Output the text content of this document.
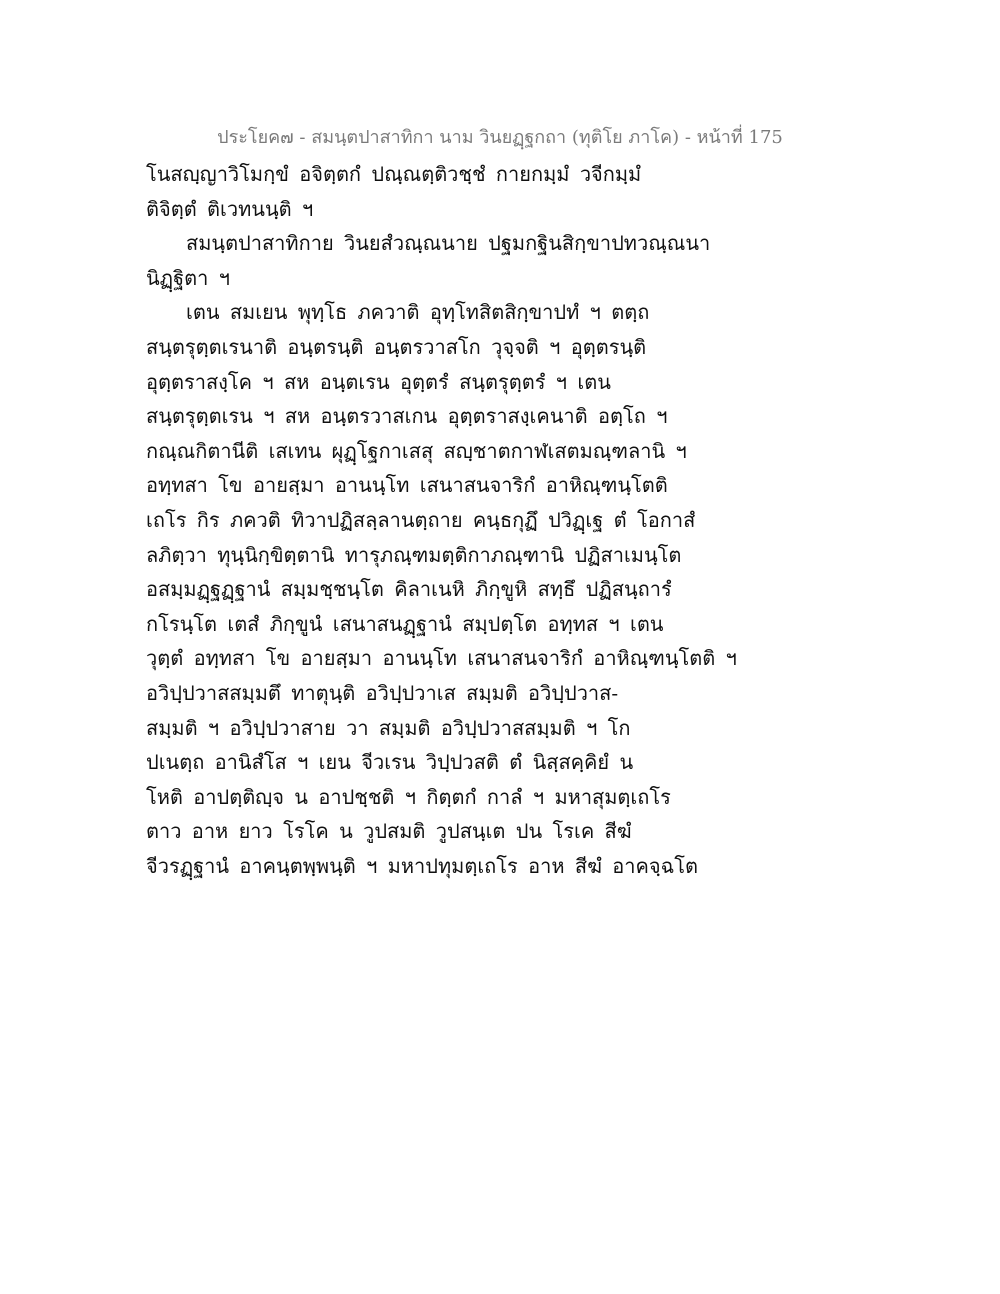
ประโยค๗ - สมนฺตปาสาทิกา นาม วินยฏฺฐกถา (ทุติโย ภาโค) - หน้าที่ 175
โนสญฺญาวิโมกฺขํ อจิตฺตกํ ปณฺณตฺติวชฺชํ กายกมฺมํ วจีกมฺมํ
ติจิตฺตํ ติเวทนนฺติ ฯ
สมนฺตปาสาทิกาย วินยสํวณฺณนาย ปฐมกฐินสิกฺขาปทวณฺณนา
นิฏฺฐิตา ฯ
เตน สมเยน พุทฺโธ ภควาติ อุทฺโทสิตสิกฺขาปทํ ฯ ตตฺถ
สนฺตรุตฺตเรนาติ อนฺตรนฺติ อนฺตรวาสโก วุจฺจติ ฯ อุตฺตรนฺติ
อุตฺตราสงฺโค ฯ สห อนฺตเรน อุตฺตรํ สนฺตรุตฺตรํ ฯ เตน
สนฺตรุตฺตเรน ฯ สห อนฺตรวาสเกน อุตฺตราสงฺเคนาติ อตฺโถ ฯ
กณฺณกิตานีติ เสเทน ผุฏฺโฐกาเสสุ สญฺชาตกาฬเสตมณฺฑลานิ ฯ
อทฺทสา โข อายสฺมา อานนฺโท เสนาสนจาริกํ อาหิณฺฑนฺโตติ
เถโร กิร ภควติ ทิวาปฏิสลฺลานตฺถาย คนฺธกุฏึ ปวิฏฺเฐ ตํ โอกาสํ
ลภิตฺวา ทุนฺนิกฺขิตฺตานิ ทารุภณฺฑมตฺติกาภณฺฑานิ ปฏิสาเมนฺโต
อสมฺมฏฺฐฏฺฐานํ สมฺมชฺชนฺโต คิลาเนหิ ภิกฺขูหิ สทฺธึ ปฏิสนฺถารํ
กโรนฺโต เตสํ ภิกฺขูนํ เสนาสนฏฺฐานํ สมฺปตฺโต อทฺทส ฯ เตน
วุตฺตํ อทฺทสา โข อายสฺมา อานนฺโท เสนาสนจาริกํ อาหิณฺฑนฺโตติ ฯ
อวิปฺปวาสสมฺมตึ ทาตุนฺติ อวิปฺปวาเส สมฺมติ อวิปฺปวาส-
สมฺมติ ฯ อวิปฺปวาสาย วา สมฺมติ อวิปฺปวาสสมฺมติ ฯ โก
ปเนตฺถ อานิสํโส ฯ เยน จีวเรน วิปฺปวสติ ตํ นิสฺสคฺคิยํ น
โหติ อาปตฺติญฺจ น อาปชฺชติ ฯ กิตฺตกํ กาลํ ฯ มหาสุมตฺเถโร
ตาว อาห ยาว โรโค น วูปสมติ วูปสนฺเต ปน โรเค สีฆํ
จีวรฏฺฐานํ อาคนฺตพฺพนฺติ ฯ มหาปทุมตฺเถโร อาห สีฆํ อาคจฺฉโต
